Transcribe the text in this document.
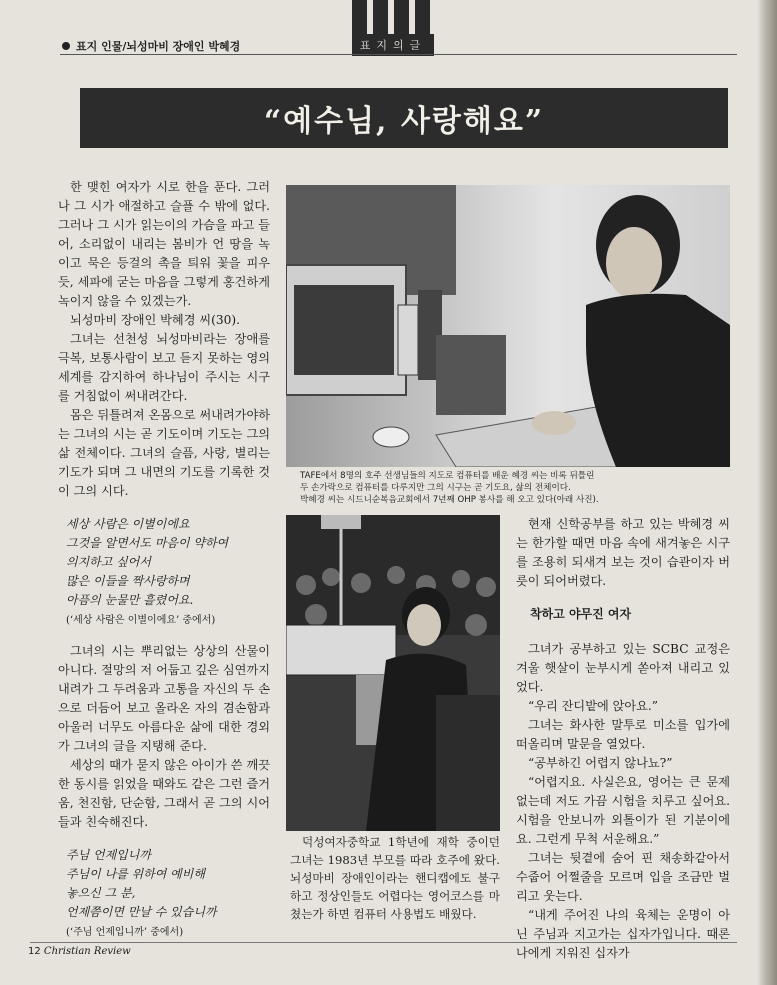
표지의글
표지 인물/뇌성마비 장애인 박혜경
“예수님, 사랑해요”

한 맺힌 여자가 시로 한을 푼다. 그러나 그 시가 애절하고 슬플 수 밖에 없다. 그러나 그 시가 읽는이의 가슴을 파고 들어, 소리없이 내리는 봄비가 언 땅을 녹이고 묵은 등걸의 촉을 틔워 꽃을 피우듯, 세파에 굳는 마음을 그렇게 홍건하게 녹이지 않을 수 있겠는가.

뇌성마비 장애인 박혜경 씨(30).

그녀는 선천성 뇌성마비라는 장애를 극복, 보통사람이 보고 듣지 못하는 영의 세계를 감지하여 하나님이 주시는 시구를 거침없이 써내려간다.

몸은 뒤틀려져 온몸으로 써내려가야하는 그녀의 시는 곧 기도이며 기도는 그의 삶 전체이다. 그녀의 슬픔, 사랑, 별리는 기도가 되며 그 내면의 기도를 기록한 것이 그의 시다.

세상 사람은 이별이에요
그것을 알면서도 마음이 약하여
의지하고 싶어서
많은 이들을 짝사랑하며
아픔의 눈물만 흘렸어요.
(‘세상 사람은 이별이에요’ 중에서)

그녀의 시는 뿌리없는 상상의 산물이 아니다. 절망의 저 어둡고 깊은 심연까지 내려가 그 두려움과 고통을 자신의 두 손으로 더듬어 보고 올라온 자의 겸손함과 아울러 너무도 아름다운 삶에 대한 경외가 그녀의 글을 지탱해 준다.

세상의 때가 묻지 않은 아이가 쓴 깨끗한 동시를 읽었을 때와도 같은 그런 즐거움, 천진함, 단순함, 그래서 곧 그의 시어들과 친숙해진다.

주님 언제입니까
주님이 나를 위하여 예비해
놓으신 그 분,
언제쯤이면 만날 수 있습니까
(‘주님 언제입니까’ 중에서)
TAFE에서 8명의 호주 선생님들의 지도로 컴퓨터를 배운 혜경 씨는 비록 뒤틀린
두 손가락으로 컴퓨터를 다루지만 그의 시구는 곧 기도요, 삶의 전체이다.
박혜경 씨는 시드니순복음교회에서 7년째 OHP 봉사를 해 오고 있다(아래 사진).

덕성여자중학교 1학년에 재학 중이던 그녀는 1983년 부모를 따라 호주에 왔다. 뇌성마비 장애인이라는 핸디캡에도 불구하고 정상인들도 어렵다는 영어코스를 마쳤는가 하면 컴퓨터 사용법도 배웠다.

현재 신학공부를 하고 있는 박혜경 씨는 한가할 때면 마음 속에 새겨놓은 시구를 조용히 되새겨 보는 것이 습관이자 버릇이 되어버렸다.

착하고 야무진 여자

그녀가 공부하고 있는 SCBC 교정은 겨울 햇살이 눈부시게 쏟아져 내리고 있었다.

“우리 잔디밭에 앉아요.”

그녀는 화사한 말투로 미소를 입가에 떠올리며 말문을 열었다.

“공부하긴 어렵지 않나뇨?”

“어렵지요. 사실은요, 영어는 큰 문제 없는데 저도 가끔 시험을 치루고 싶어요. 시험을 안보니까 외톨이가 된 기분이에요. 그런게 무척 서운해요.”

그녀는 뒷곁에 숨어 핀 채송화같아서 수줍어 어쩔줄을 모르며 입을 조금만 벌리고 웃는다.

“내게 주어진 나의 육체는 운명이 아닌 주님과 지고가는 십자가입니다. 때론 나에게 지워진 십자가

12 Christian Review
